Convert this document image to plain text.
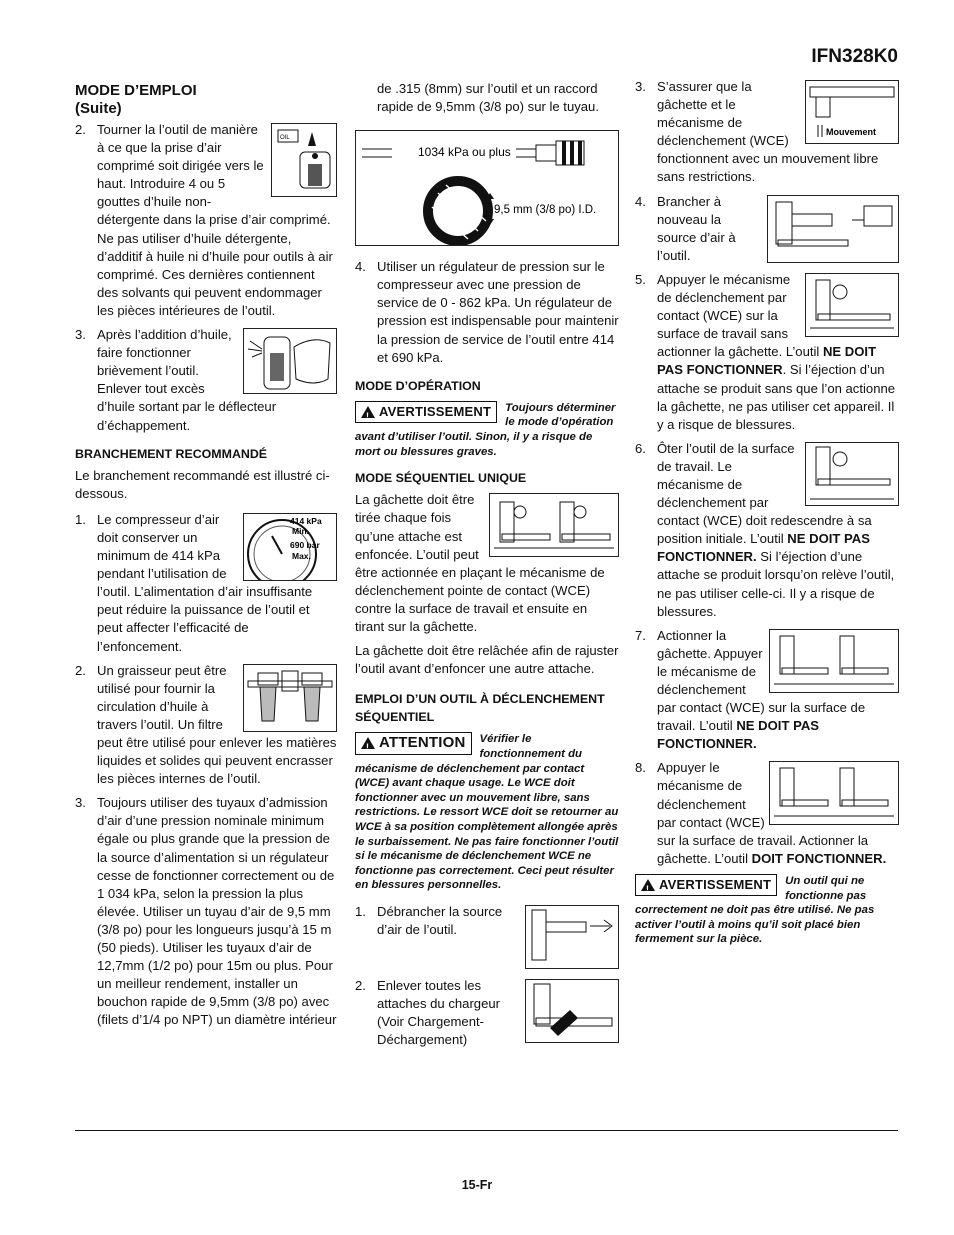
IFN328K0
MODE D’EMPLOI
(Suite)
2.
OIL
Tourner la l’outil de manière à ce que la prise d’air comprimé soit dirigée vers le haut. Introduire 4 ou 5 gouttes d’huile non-détergente dans la prise d’air comprimé. Ne pas utiliser d’huile détergente, d’additif à huile ni d’huile pour outils à air comprimé. Ces dernières contiennent des solvants qui peuvent endommager les pièces intérieures de l’outil.
3. Après l’addition d’huile, faire fonctionner brièvement l’outil. Enlever tout excès d’huile sortant par le déflecteur d’échappement.
BRANCHEMENT RECOMMANDÉ

Le branchement recommandé est illustré ci-dessous.

1.	414 kPa
Min.
690 bar
Max.
Le compresseur d’air doit conserver un minimum de 414 kPa pendant l’utilisation de l’outil. L’alimentation d’air insuffisante peut réduire la puissance de l’outil et peut affecter l’efficacité de l’enfoncement.
2. Un graisseur peut être utilisé pour fournir la circulation d’huile à travers l’outil. Un filtre peut être utilisé pour enlever les matières liquides et solides qui peuvent encrasser les pièces internes de l’outil.
3. Toujours utiliser des tuyaux d’admission d’air d’une pression nominale minimum égale ou plus grande que la pression de la source d’alimentation si un régulateur cesse de fonctionner correctement ou de 1 034 kPa, selon la pression la plus élevée. Utiliser un tuyau d’air de 9,5 mm (3/8 po) pour les longueurs jusqu’à 15 m (50 pieds). Utiliser les tuyaux d’air de 12,7mm (1/2 po) pour 15m ou plus. Pour un meilleur rendement, installer un bouchon rapide de 9,5mm (3/8 po) avec (filets d’1/4 po NPT) un diamètre intérieur
de .315 (8mm) sur l’outil et un raccord rapide de 9,5mm (3/8 po) sur le tuyau.
1034 kPa ou plus
9,5 mm (3/8 po) I.D.
4. Utiliser un régulateur de pression sur le compresseur avec une pression de service de 0 - 862 kPa. Un régulateur de pression est indispensable pour maintenir la pression de service de l’outil entre 414 et 690 kPa.
MODE D’OPÉRATION
!
AVERTISSEMENT	Toujours déterminer le mode d’opération avant d’utiliser l’outil. Sinon, il y a risque de mort ou blessures graves.
MODE SÉQUENTIEL UNIQUE

La gâchette doit être tirée chaque fois qu’une attache est enfoncée. L’outil peut être actionnée en plaçant le mécanisme de déclenchement pointe de contact (WCE) contre la surface de travail et ensuite en tirant sur la gâchette.

La gâchette doit être relâchée afin de rajuster l’outil avant d’enfoncer une autre attache.

EMPLOI D’UN OUTIL À DÉCLENCHEMENT SÉQUENTIEL
!
ATTENTION	Vérifier le fonctionnement du mécanisme de déclenchement par contact (WCE) avant chaque usage. Le WCE doit fonctionner avec un mouvement libre, sans restrictions. Le ressort WCE doit se retourner au WCE à sa position complètement allongée après le surbaissement. Ne pas faire fonctionner l’outil si le mécanisme de déclenchement WCE ne fonctionne pas correctement. Ceci peut résulter en blessures personnelles.
1. Débrancher la source d’air de l’outil.
2. Enlever toutes les attaches du chargeur (Voir Chargement-Déchargement)
3.
Mouvement
S’assurer que la gâchette et le mécanisme de déclenchement (WCE) fonctionnent avec un mouvement libre sans restrictions.
4. Brancher à nouveau la source d’air à l’outil.
5. Appuyer le mécanisme de déclenchement par contact (WCE) sur la surface de travail sans actionner la gâchette. L’outil NE DOIT PAS FONCTIONNER. Si l’éjection d’un attache se produit sans que l’on actionne la gâchette, ne pas utiliser cet appareil. Il y a risque de blessures.
6. Ôter l’outil de la surface de travail. Le mécanisme de déclenchement par contact (WCE) doit redescendre à sa position initiale. L’outil NE DOIT PAS FONCTIONNER. Si l’éjection d’une attache se produit lorsqu’on relève l’outil, ne pas utiliser celle-ci. Il y a risque de blessures.
7. Actionner la gâchette. Appuyer le mécanisme de déclenchement par contact (WCE) sur la surface de travail. L’outil NE DOIT PAS FONCTIONNER.
8. Appuyer le mécanisme de déclenchement par contact (WCE) sur la surface de travail. Actionner la gâchette. L’outil DOIT FONCTIONNER.
!
AVERTISSEMENT	Un outil qui ne fonctionne pas correctement ne doit pas être utilisé. Ne pas activer l’outil à moins qu’il soit placé bien fermement sur la pièce.
15-Fr
